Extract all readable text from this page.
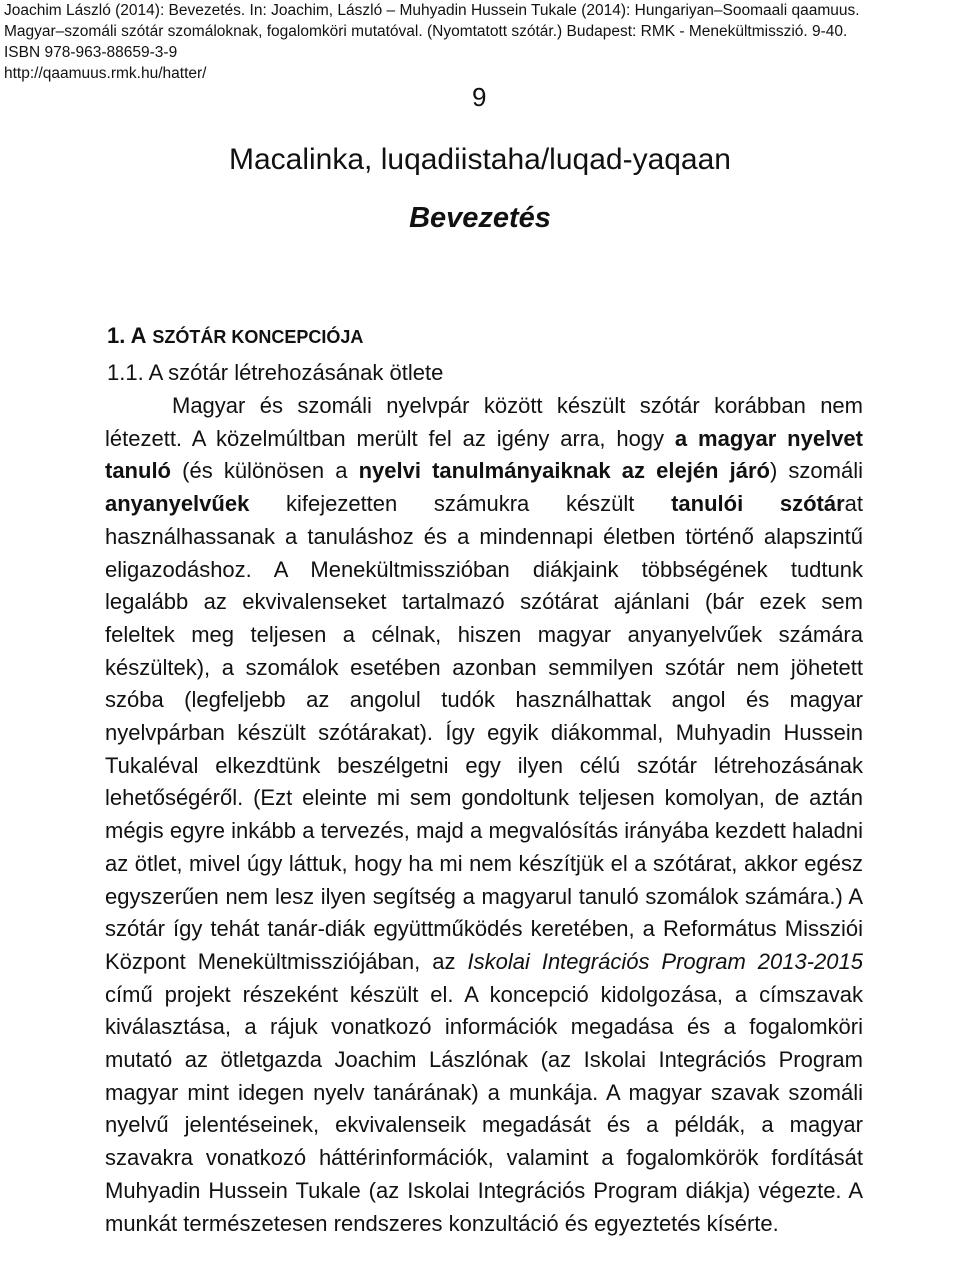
Joachim László (2014): Bevezetés. In: Joachim, László – Muhyadin Hussein Tukale (2014): Hungariyan–Soomaali qaamuus.
Magyar–szomáli szótár szomáloknak, fogalomköri mutatóval. (Nyomtatott szótár.) Budapest: RMK - Menekültmisszió. 9-40.
ISBN 978-963-88659-3-9
http://qaamuus.rmk.hu/hatter/
9
Macalinka, luqadiistaha/luqad-yaqaan
Bevezetés
1. A SZÓTÁR KONCEPCIÓJA
1.1. A szótár létrehozásának ötlete

Magyar és szomáli nyelvpár között készült szótár korábban nem létezett. A közelmúltban merült fel az igény arra, hogy a magyar nyelvet tanuló (és különösen a nyelvi tanulmányaiknak az elején járó) szomáli anyanyelvűek kifejezetten számukra készült tanulói szótárat használhassanak a tanuláshoz és a mindennapi életben történő alapszintű eligazodáshoz. A Menekültmisszióban diákjaink többségének tudtunk legalább az ekvivalenseket tartalmazó szótárat ajánlani (bár ezek sem feleltek meg teljesen a célnak, hiszen magyar anyanyelvűek számára készültek), a szomálok esetében azonban semmilyen szótár nem jöhetett szóba (legfeljebb az angolul tudók használhattak angol és magyar nyelvpárban készült szótárakat). Így egyik diákommal, Muhyadin Hussein Tukaléval elkezdtünk beszélgetni egy ilyen célú szótár létrehozásának lehetőségéről. (Ezt eleinte mi sem gondoltunk teljesen komolyan, de aztán mégis egyre inkább a tervezés, majd a megvalósítás irányába kezdett haladni az ötlet, mivel úgy láttuk, hogy ha mi nem készítjük el a szótárat, akkor egész egyszerűen nem lesz ilyen segítség a magyarul tanuló szomálok számára.) A szótár így tehát tanár-diák együttműködés keretében, a Református Missziói Központ Menekültmissziójában, az Iskolai Integrációs Program 2013-2015 című projekt részeként készült el. A koncepció kidolgozása, a címszavak kiválasztása, a rájuk vonatkozó információk megadása és a fogalomköri mutató az ötletgazda Joachim Lászlónak (az Iskolai Integrációs Program magyar mint idegen nyelv tanárának) a munkája. A magyar szavak szomáli nyelvű jelentéseinek, ekvivalenseik megadását és a példák, a magyar szavakra vonatkozó háttérinformációk, valamint a fogalomkörök fordítását Muhyadin Hussein Tukale (az Iskolai Integrációs Program diákja) végezte. A munkát természetesen rendszeres konzultáció és egyeztetés kísérte.
